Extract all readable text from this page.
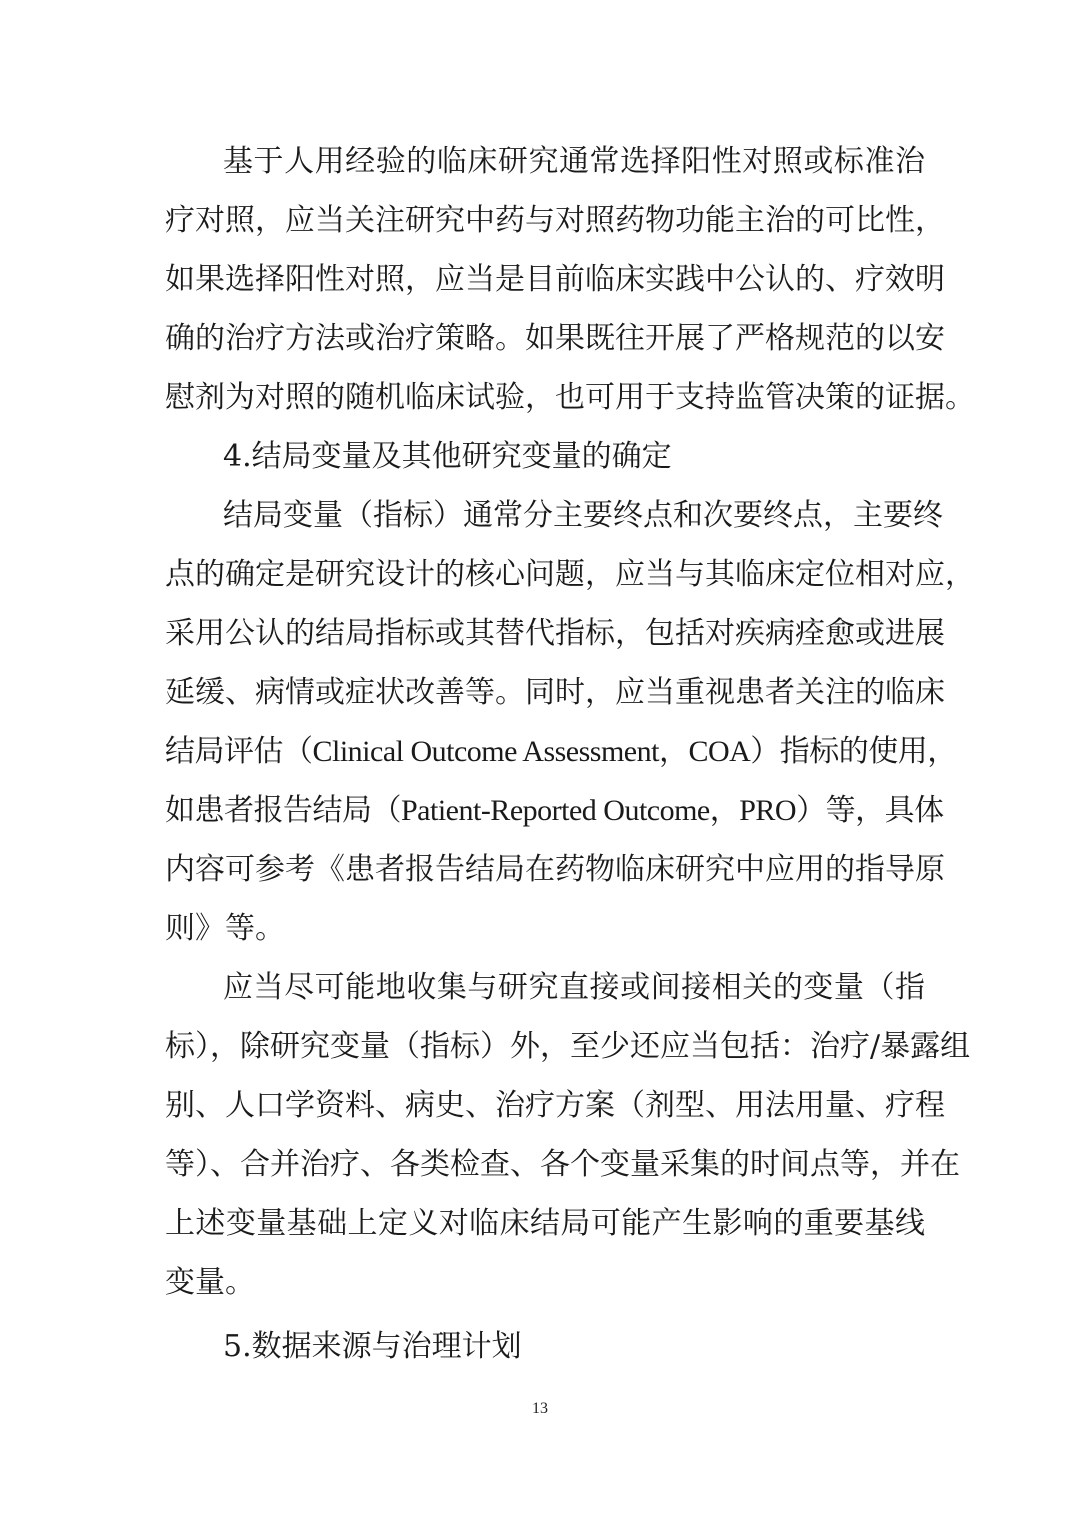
基于人用经验的临床研究通常选择阳性对照或标准治
疗对照，应当关注研究中药与对照药物功能主治的可比性，
如果选择阳性对照，应当是目前临床实践中公认的、疗效明
确的治疗方法或治疗策略。如果既往开展了严格规范的以安
慰剂为对照的随机临床试验，也可用于支持监管决策的证据。
4.结局变量及其他研究变量的确定
结局变量（指标）通常分主要终点和次要终点，主要终
点的确定是研究设计的核心问题，应当与其临床定位相对应，
采用公认的结局指标或其替代指标，包括对疾病痊愈或进展
延缓、病情或症状改善等。同时，应当重视患者关注的临床
结局评估（Clinical Outcome Assessment，COA）指标的使用，
如患者报告结局（Patient-Reported Outcome，PRO）等，具体
内容可参考《患者报告结局在药物临床研究中应用的指导原
则》等。
应当尽可能地收集与研究直接或间接相关的变量（指
标），除研究变量（指标）外，至少还应当包括：治疗/暴露组
别、人口学资料、病史、治疗方案（剂型、用法用量、疗程
等）、合并治疗、各类检查、各个变量采集的时间点等，并在
上述变量基础上定义对临床结局可能产生影响的重要基线
变量。
5.数据来源与治理计划
13
